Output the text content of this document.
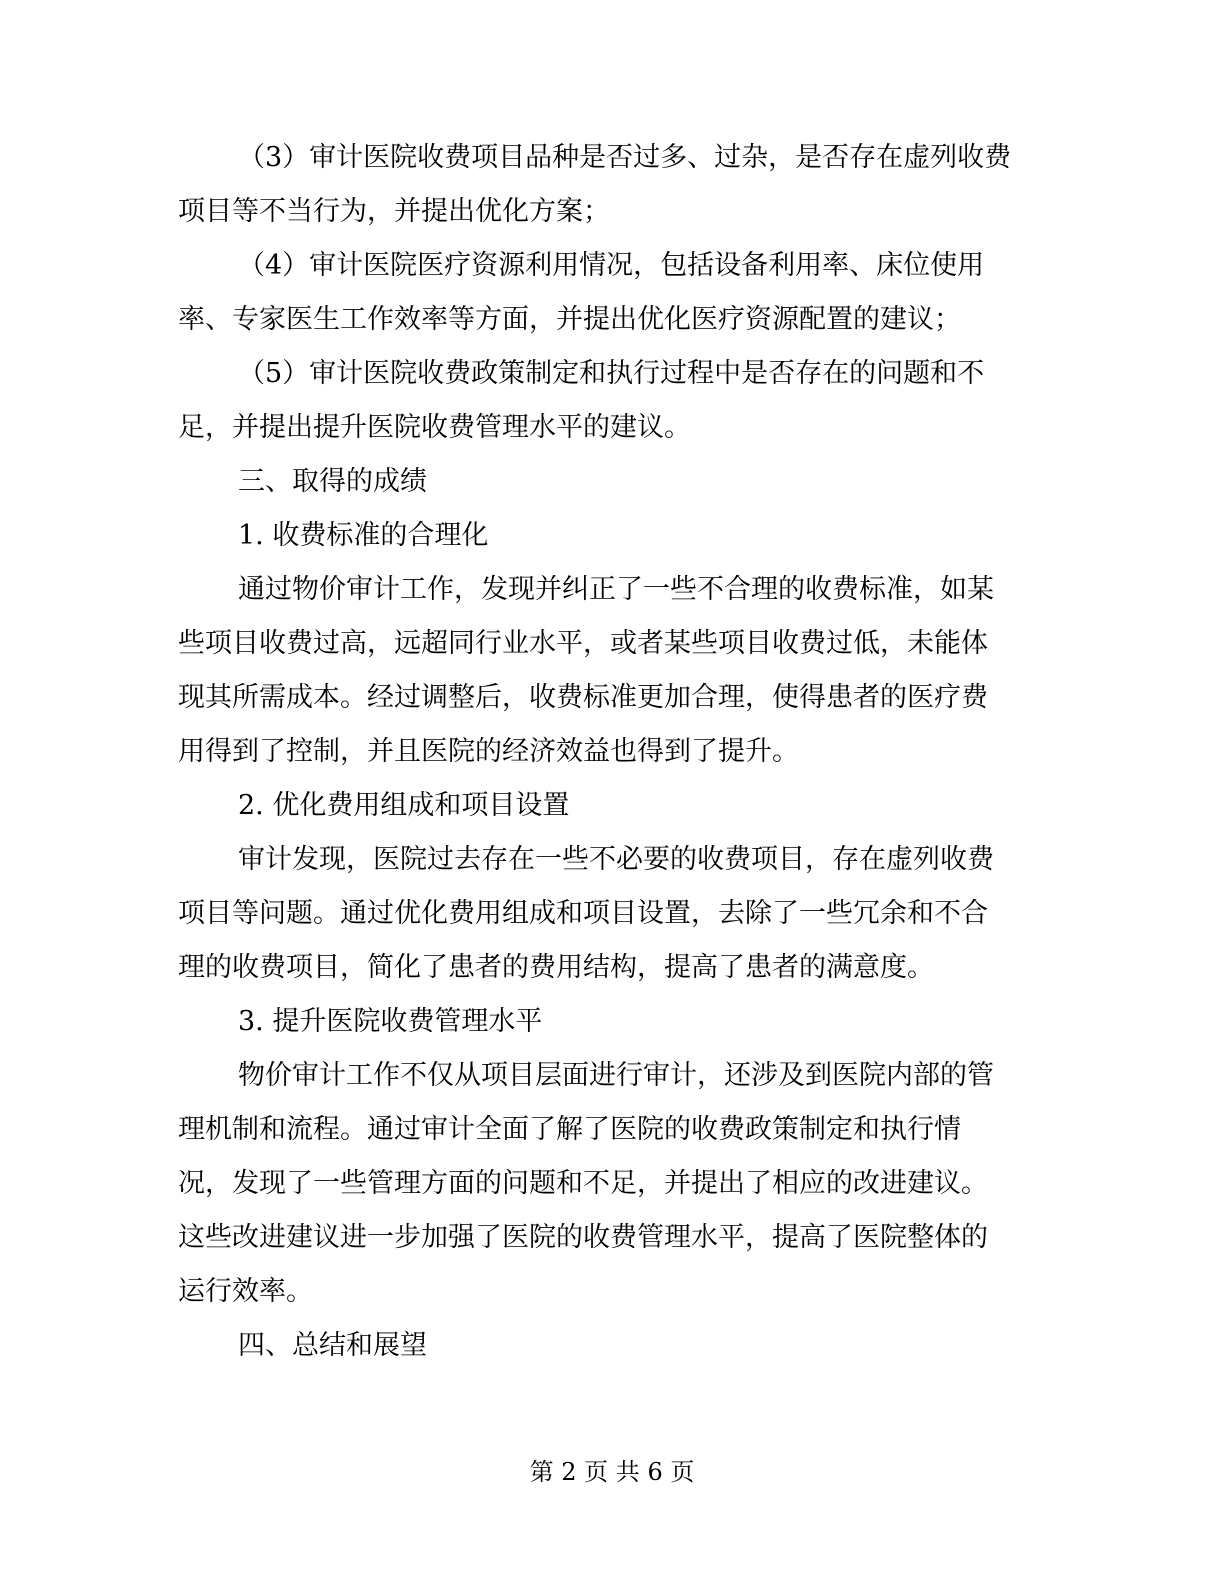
（3）审计医院收费项目品种是否过多、过杂，是否存在虚列收费
项目等不当行为，并提出优化方案；
（4）审计医院医疗资源利用情况，包括设备利用率、床位使用
率、专家医生工作效率等方面，并提出优化医疗资源配置的建议；
（5）审计医院收费政策制定和执行过程中是否存在的问题和不
足，并提出提升医院收费管理水平的建议。
三、取得的成绩
1. 收费标准的合理化
通过物价审计工作，发现并纠正了一些不合理的收费标准，如某
些项目收费过高，远超同行业水平，或者某些项目收费过低，未能体
现其所需成本。经过调整后，收费标准更加合理，使得患者的医疗费
用得到了控制，并且医院的经济效益也得到了提升。
2. 优化费用组成和项目设置
审计发现，医院过去存在一些不必要的收费项目，存在虚列收费
项目等问题。通过优化费用组成和项目设置，去除了一些冗余和不合
理的收费项目，简化了患者的费用结构，提高了患者的满意度。
3. 提升医院收费管理水平
物价审计工作不仅从项目层面进行审计，还涉及到医院内部的管
理机制和流程。通过审计全面了解了医院的收费政策制定和执行情
况，发现了一些管理方面的问题和不足，并提出了相应的改进建议。
这些改进建议进一步加强了医院的收费管理水平，提高了医院整体的
运行效率。
四、总结和展望
第 2 页 共 6 页
